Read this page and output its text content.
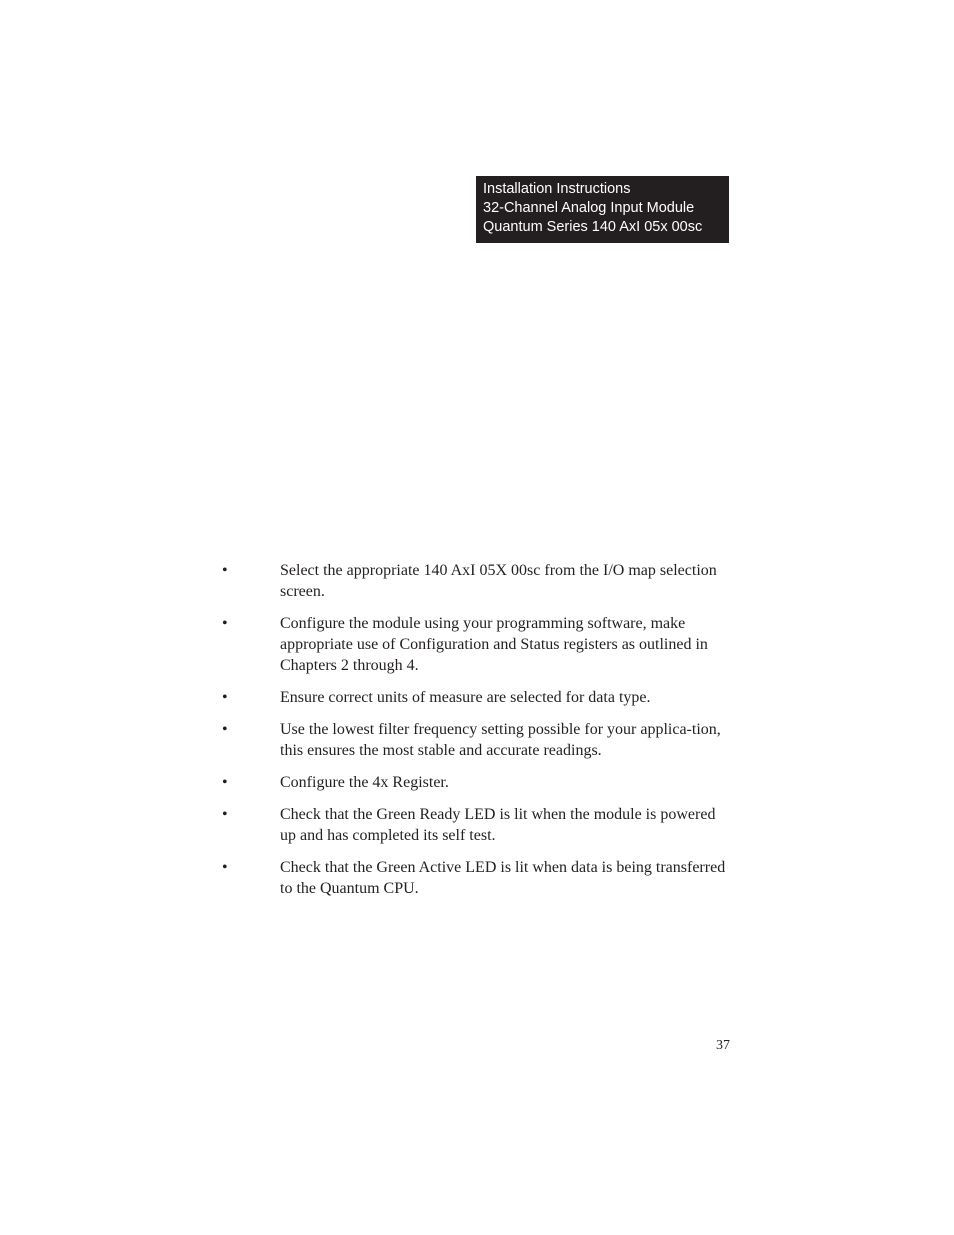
Installation Instructions
32-Channel Analog Input Module
Quantum Series 140 AxI 05x 00sc
•	Select the appropriate 140 AxI 05X 00sc from the I/O map selection screen.
•	Configure the module using your programming software, make appropriate use of Configuration and Status registers as outlined in Chapters 2 through 4.
•	Ensure correct units of measure are selected for data type.
•	Use the lowest filter frequency setting possible for your applica-tion, this ensures the most stable and accurate readings.
•	Configure the 4x Register.
•	Check that the Green Ready LED is lit when the module is powered up and has completed its self test.
•	Check that the Green Active LED is lit when data is being transferred to the Quantum CPU.
37
